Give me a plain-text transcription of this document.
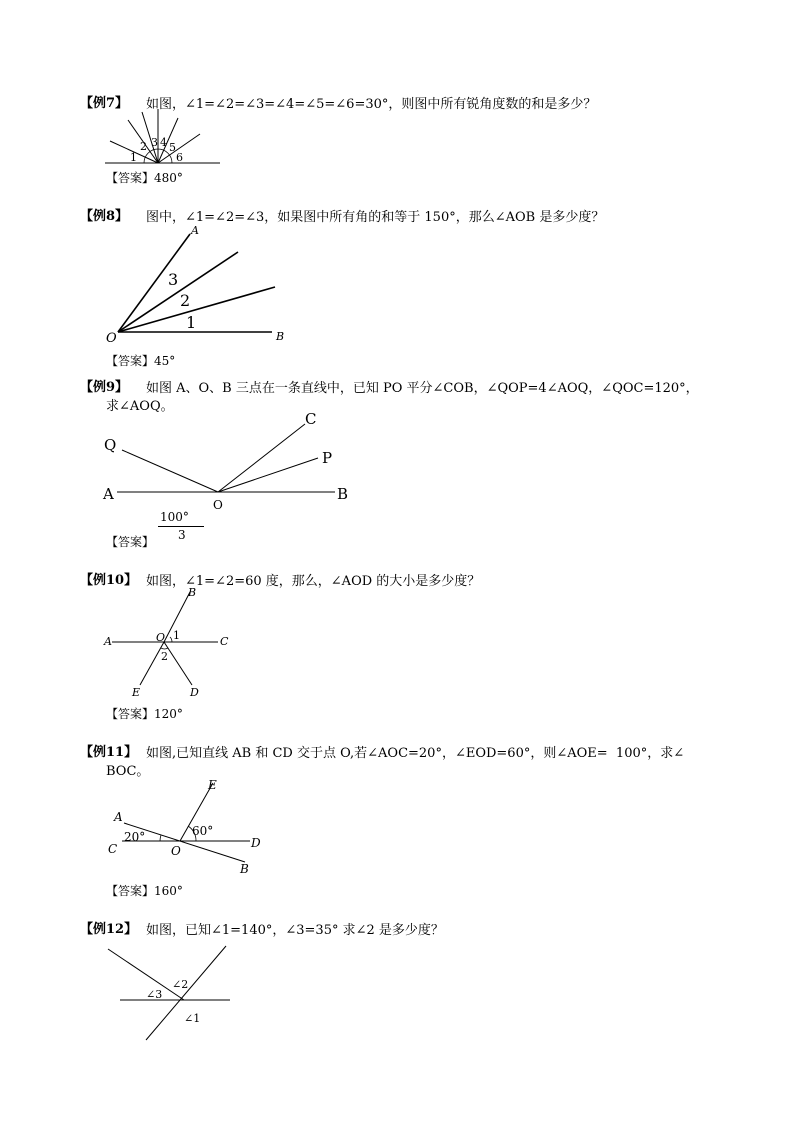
【例7】 如图，∠1=∠2=∠3=∠4=∠5=∠6=30°，则图中所有锐角度数的和是多少？
1
2 3 4 5
6
【答案】480°
【例8】 图中，∠1=∠2=∠3，如果图中所有角的和等于 150°，那么∠AOB 是多少度？
A
O	B
3
2
1
【答案】45°
【例9】 如图 A、O、B 三点在一条直线中，已知 PO 平分∠COB，∠QOP=4∠AOQ，∠QOC=120°，
求∠AOQ。
Q
C
P
A
O
B
【答案】
100°
3
【例10】 如图，∠1=∠2=60 度，那么，∠AOD 的大小是多少度？
B
A	O 1	C
2
E	D
【答案】120°
【例11】 如图,已知直线 AB 和 CD 交于点 O,若∠AOC=20°，∠EOD=60°，则∠AOE=  100°，求∠
BOC。
E
A
20°	60°
C	O
D
B
【答案】160°
【例12】 如图，已知∠1=140°，∠3=35° 求∠2 是多少度？
∠2
∠3
∠1
